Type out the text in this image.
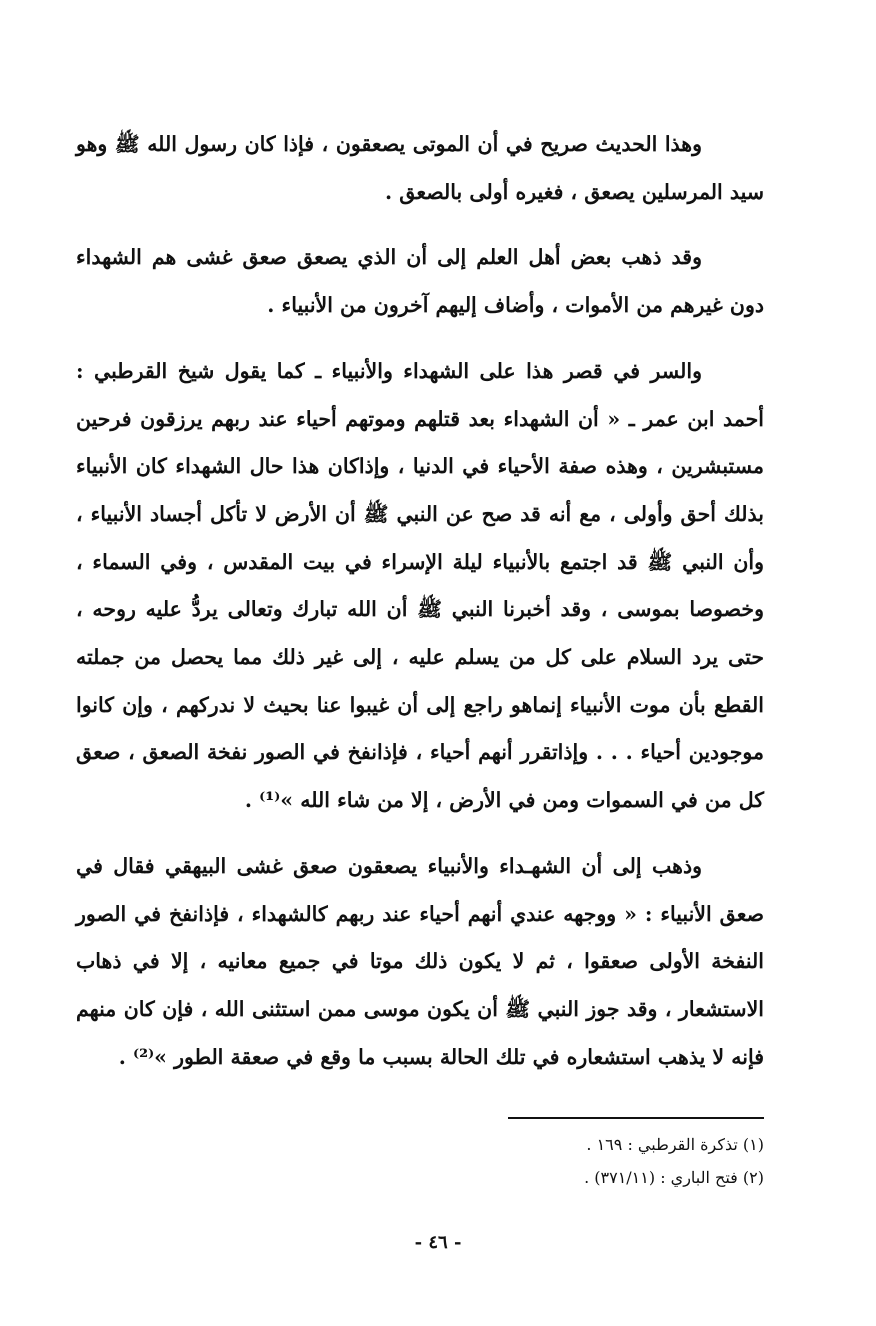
وهذا الحديث صريح في أن الموتى يصعقون ، فإذا كان رسول الله ﷺ وهو سيد المرسلين يصعق ، فغيره أولى بالصعق .

وقد ذهب بعض أهل العلم إلى أن الذي يصعق صعق غشى هم الشهداء دون غيرهم من الأموات ، وأضاف إليهم آخرون من الأنبياء .

والسر في قصر هذا على الشهداء والأنبياء ـ كما يقول شيخ القرطبي : أحمد ابن عمر ـ « أن الشهداء بعد قتلهم وموتهم أحياء عند ربهم يرزقون فرحين مستبشرين ، وهذه صفة الأحياء في الدنيا ، وإذاكان هذا حال الشهداء كان الأنبياء بذلك أحق وأولى ، مع أنه قد صح عن النبي ﷺ أن الأرض لا تأكل أجساد الأنبياء ، وأن النبي ﷺ قد اجتمع بالأنبياء ليلة الإسراء في بيت المقدس ، وفي السماء ، وخصوصا بموسى ، وقد أخبرنا النبي ﷺ أن الله تبارك وتعالى يردُّ عليه روحه ، حتى يرد السلام على كل من يسلم عليه ، إلى غير ذلك مما يحصل من جملته القطع بأن موت الأنبياء إنماهو راجع إلى أن غيبوا عنا بحيث لا ندركهم ، وإن كانوا موجودين أحياء . . . وإذاتقرر أنهم أحياء ، فإذانفخ في الصور نفخة الصعق ، صعق كل من في السموات ومن في الأرض ، إلا من شاء الله »⁽¹⁾ .

وذهب إلى أن الشهـداء والأنبياء يصعقون صعق غشى البيهقي فقال في صعق الأنبياء : « ووجهه عندي أنهم أحياء عند ربهم كالشهداء ، فإذانفخ في الصور النفخة الأولى صعقوا ، ثم لا يكون ذلك موتا في جميع معانيه ، إلا في ذهاب الاستشعار ، وقد جوز النبي ﷺ أن يكون موسى ممن استثنى الله ، فإن كان منهم فإنه لا يذهب استشعاره في تلك الحالة بسبب ما وقع في صعقة الطور »⁽²⁾ .

(١) تذكرة القرطبي : ١٦٩ .

(٢) فتح الباري : (٣٧١/١١) .

- ٤٦ -
